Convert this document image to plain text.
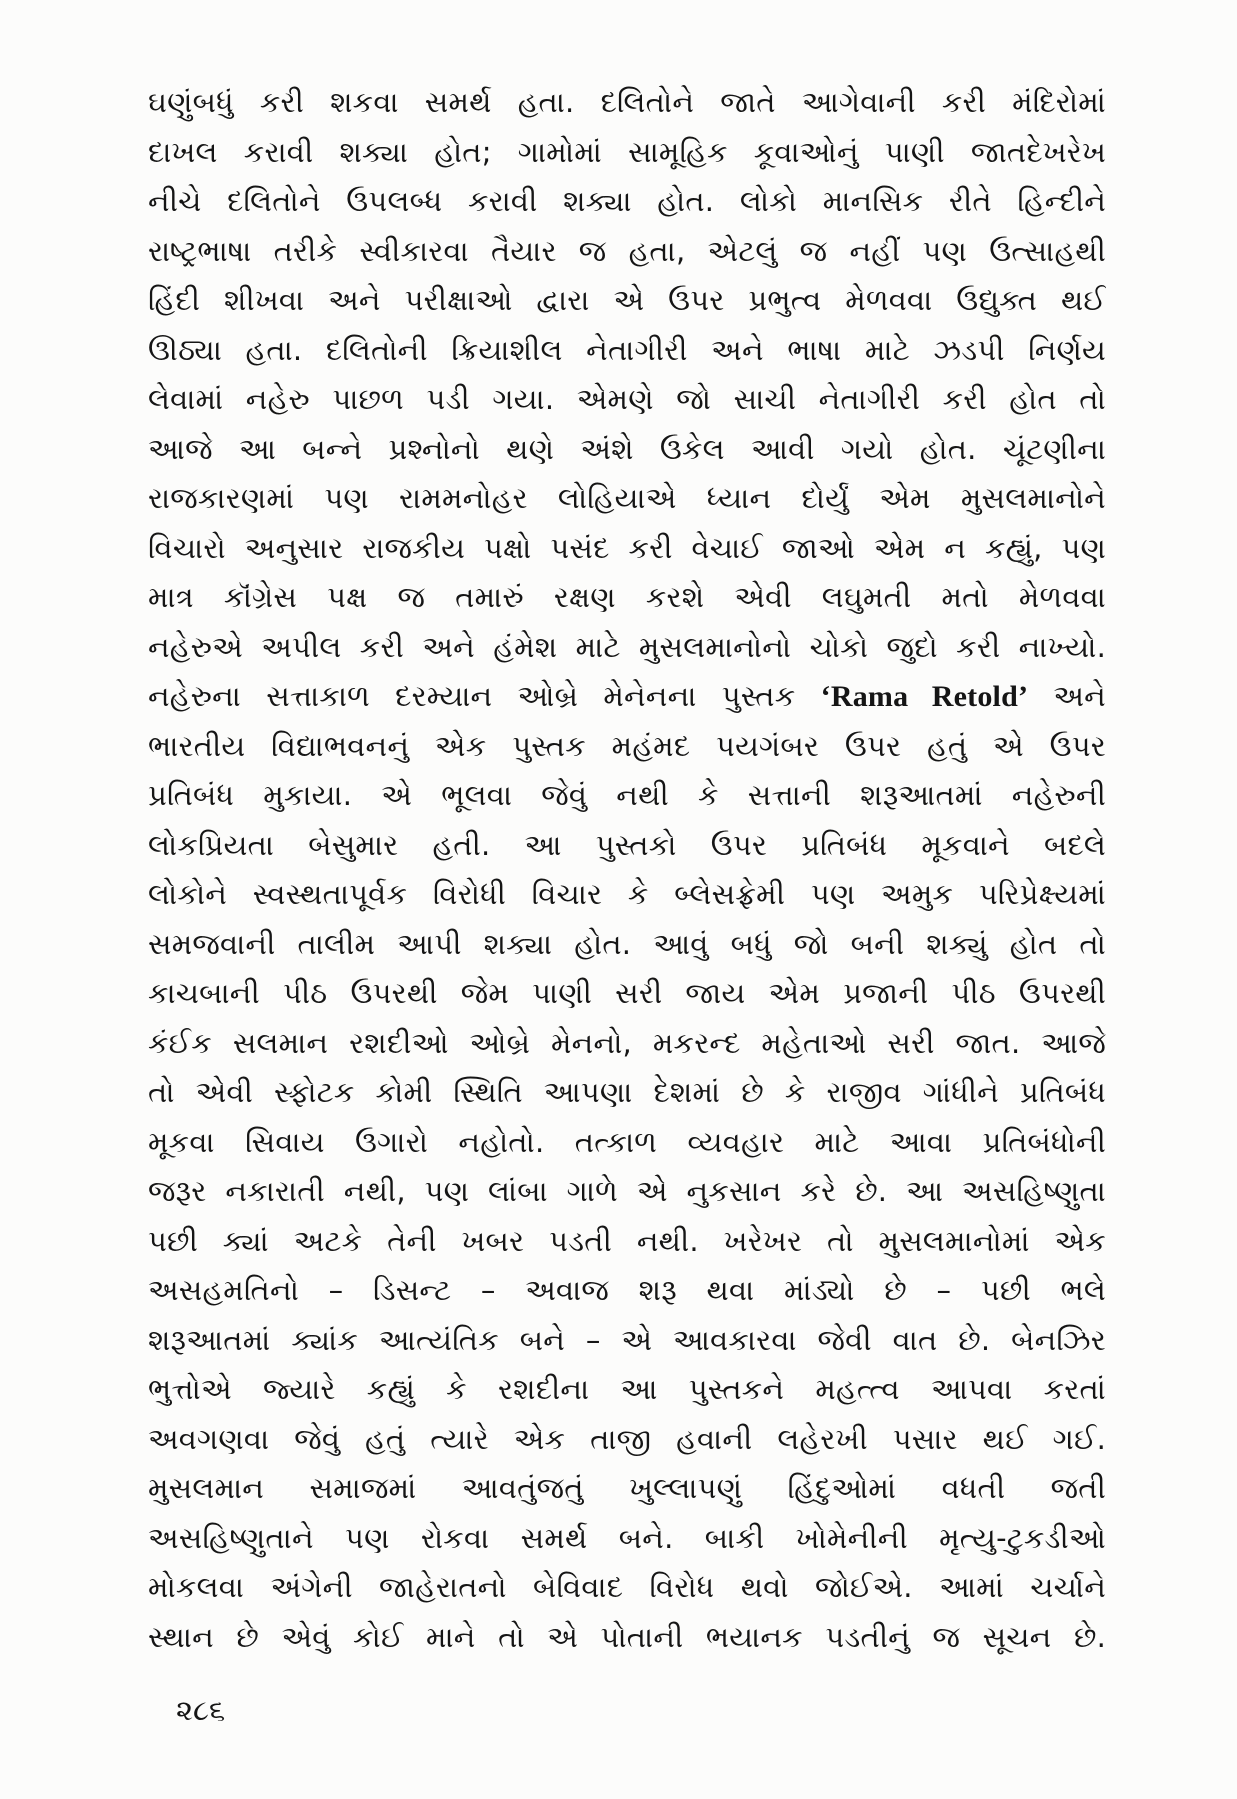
ઘણુંબધું કરી શકવા સમર્થ હતા. દલિતોને જાતે આગેવાની કરી મંદિરોમાં
દાખલ કરાવી શક્યા હોત; ગામોમાં સામૂહિક કૂવાઓનું પાણી જાતદેખરેખ
નીચે દલિતોને ઉપલબ્ધ કરાવી શક્યા હોત. લોકો માનસિક રીતે હિન્દીને
રાષ્ટ્રભાષા તરીકે સ્વીકારવા તૈયાર જ હતા, એટલું જ નહીં પણ ઉત્સાહથી
હિંદી શીખવા અને પરીક્ષાઓ દ્વારા એ ઉપર પ્રભુત્વ મેળવવા ઉદ્યુક્ત થઈ
ઊઠ્યા હતા. દલિતોની ક્રિયાશીલ નેતાગીરી અને ભાષા માટે ઝડપી નિર્ણય
લેવામાં નહેરુ પાછળ પડી ગયા. એમણે જો સાચી નેતાગીરી કરી હોત તો
આજે આ બન્ને પ્રશ્નોનો થણે અંશે ઉકેલ આવી ગયો હોત. ચૂંટણીના
રાજકારણમાં પણ રામમનોહર લોહિયાએ ધ્યાન દોર્યું એમ મુસલમાનોને
વિચારો અનુસાર રાજકીય પક્ષો પસંદ કરી વેચાઈ જાઓ એમ ન કહ્યું, પણ
માત્ર કૉંગ્રેસ પક્ષ જ તમારું રક્ષણ કરશે એવી લઘુમતી મતો મેળવવા
નહેરુએ અપીલ કરી અને હંમેશ માટે મુસલમાનોનો ચોકો જુદો કરી નાખ્યો.
નહેરુના સત્તાકાળ દરમ્યાન ઓબ્રે મેનેનના પુસ્તક ‘Rama Retold’ અને
ભારતીય વિદ્યાભવનનું એક પુસ્તક મહંમદ પયગંબર ઉપર હતું એ ઉપર
પ્રતિબંધ મુકાયા. એ ભૂલવા જેવું નથી કે સત્તાની શરૂઆતમાં નહેરુની
લોકપ્રિયતા બેસુમાર હતી. આ પુસ્તકો ઉપર પ્રતિબંધ મૂકવાને બદલે
લોકોને સ્વસ્થતાપૂર્વક વિરોધી વિચાર કે બ્લેસફ્રેમી પણ અમુક પરિપ્રેક્ષ્યમાં
સમજવાની તાલીમ આપી શક્યા હોત. આવું બધું જો બની શક્યું હોત તો
કાચબાની પીઠ ઉપરથી જેમ પાણી સરી જાય એમ પ્રજાની પીઠ ઉપરથી
કંઈક સલમાન રશદીઓ ઓબ્રે મેનનો, મકરન્દ મહેતાઓ સરી જાત. આજે
તો એવી સ્ફોટક કોમી સ્થિતિ આપણા દેશમાં છે કે રાજીવ ગાંધીને પ્રતિબંધ
મૂકવા સિવાય ઉગારો નહોતો. તત્કાળ વ્યવહાર માટે આવા પ્રતિબંધોની
જરૂર નકારાતી નથી, પણ લાંબા ગાળે એ નુકસાન કરે છે. આ અસહિષ્ણુતા
પછી ક્યાં અટકે તેની ખબર પડતી નથી. ખરેખર તો મુસલમાનોમાં એક
અસહમતિનો – ડિસન્ટ – અવાજ શરૂ થવા માંડ્યો છે – પછી ભલે
શરૂઆતમાં ક્યાંક આત્યંતિક બને – એ આવકારવા જેવી વાત છે. બેનઝિર
ભુત્તોએ જ્યારે કહ્યું કે રશદીના આ પુસ્તકને મહત્ત્વ આપવા કરતાં
અવગણવા જેવું હતું ત્યારે એક તાજી હવાની લહેરખી પસાર થઈ ગઈ.
મુસલમાન સમાજમાં આવતુંજતું ખુલ્લાપણું હિંદુઓમાં વધતી જતી
અસહિષ્ણુતાને પણ રોકવા સમર્થ બને. બાકી ખોમેનીની મૃત્યુ-ટુકડીઓ
મોકલવા અંગેની જાહેરાતનો બેવિવાદ વિરોધ થવો જોઈએ. આમાં ચર્ચાને
સ્થાન છે એવું કોઈ માને તો એ પોતાની ભયાનક પડતીનું જ સૂચન છે.
૨૮૬
